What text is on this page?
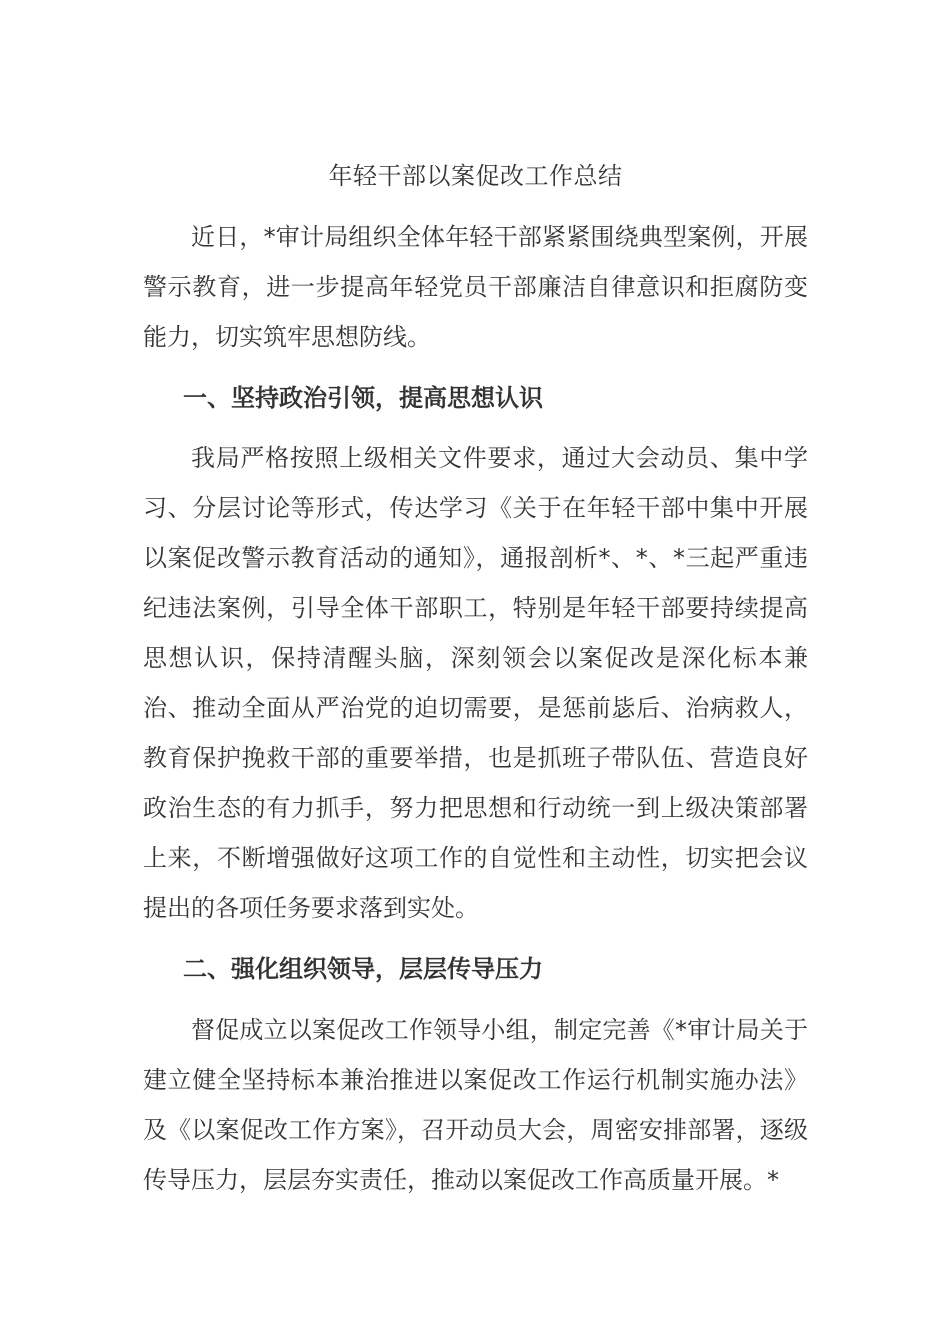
年轻干部以案促改工作总结

近日，*审计局组织全体年轻干部紧紧围绕典型案例，开展警示教育，进一步提高年轻党员干部廉洁自律意识和拒腐防变能力，切实筑牢思想防线。

一、坚持政治引领，提高思想认识

我局严格按照上级相关文件要求，通过大会动员、集中学习、分层讨论等形式，传达学习《关于在年轻干部中集中开展以案促改警示教育活动的通知》，通报剖析*、*、*三起严重违纪违法案例，引导全体干部职工，特别是年轻干部要持续提高思想认识，保持清醒头脑，深刻领会以案促改是深化标本兼治、推动全面从严治党的迫切需要，是惩前毖后、治病救人，教育保护挽救干部的重要举措，也是抓班子带队伍、营造良好政治生态的有力抓手，努力把思想和行动统一到上级决策部署上来，不断增强做好这项工作的自觉性和主动性，切实把会议提出的各项任务要求落到实处。

二、强化组织领导，层层传导压力

督促成立以案促改工作领导小组，制定完善《*审计局关于建立健全坚持标本兼治推进以案促改工作运行机制实施办法》及《以案促改工作方案》，召开动员大会，周密安排部署，逐级传导压力，层层夯实责任，推动以案促改工作高质量开展。*
